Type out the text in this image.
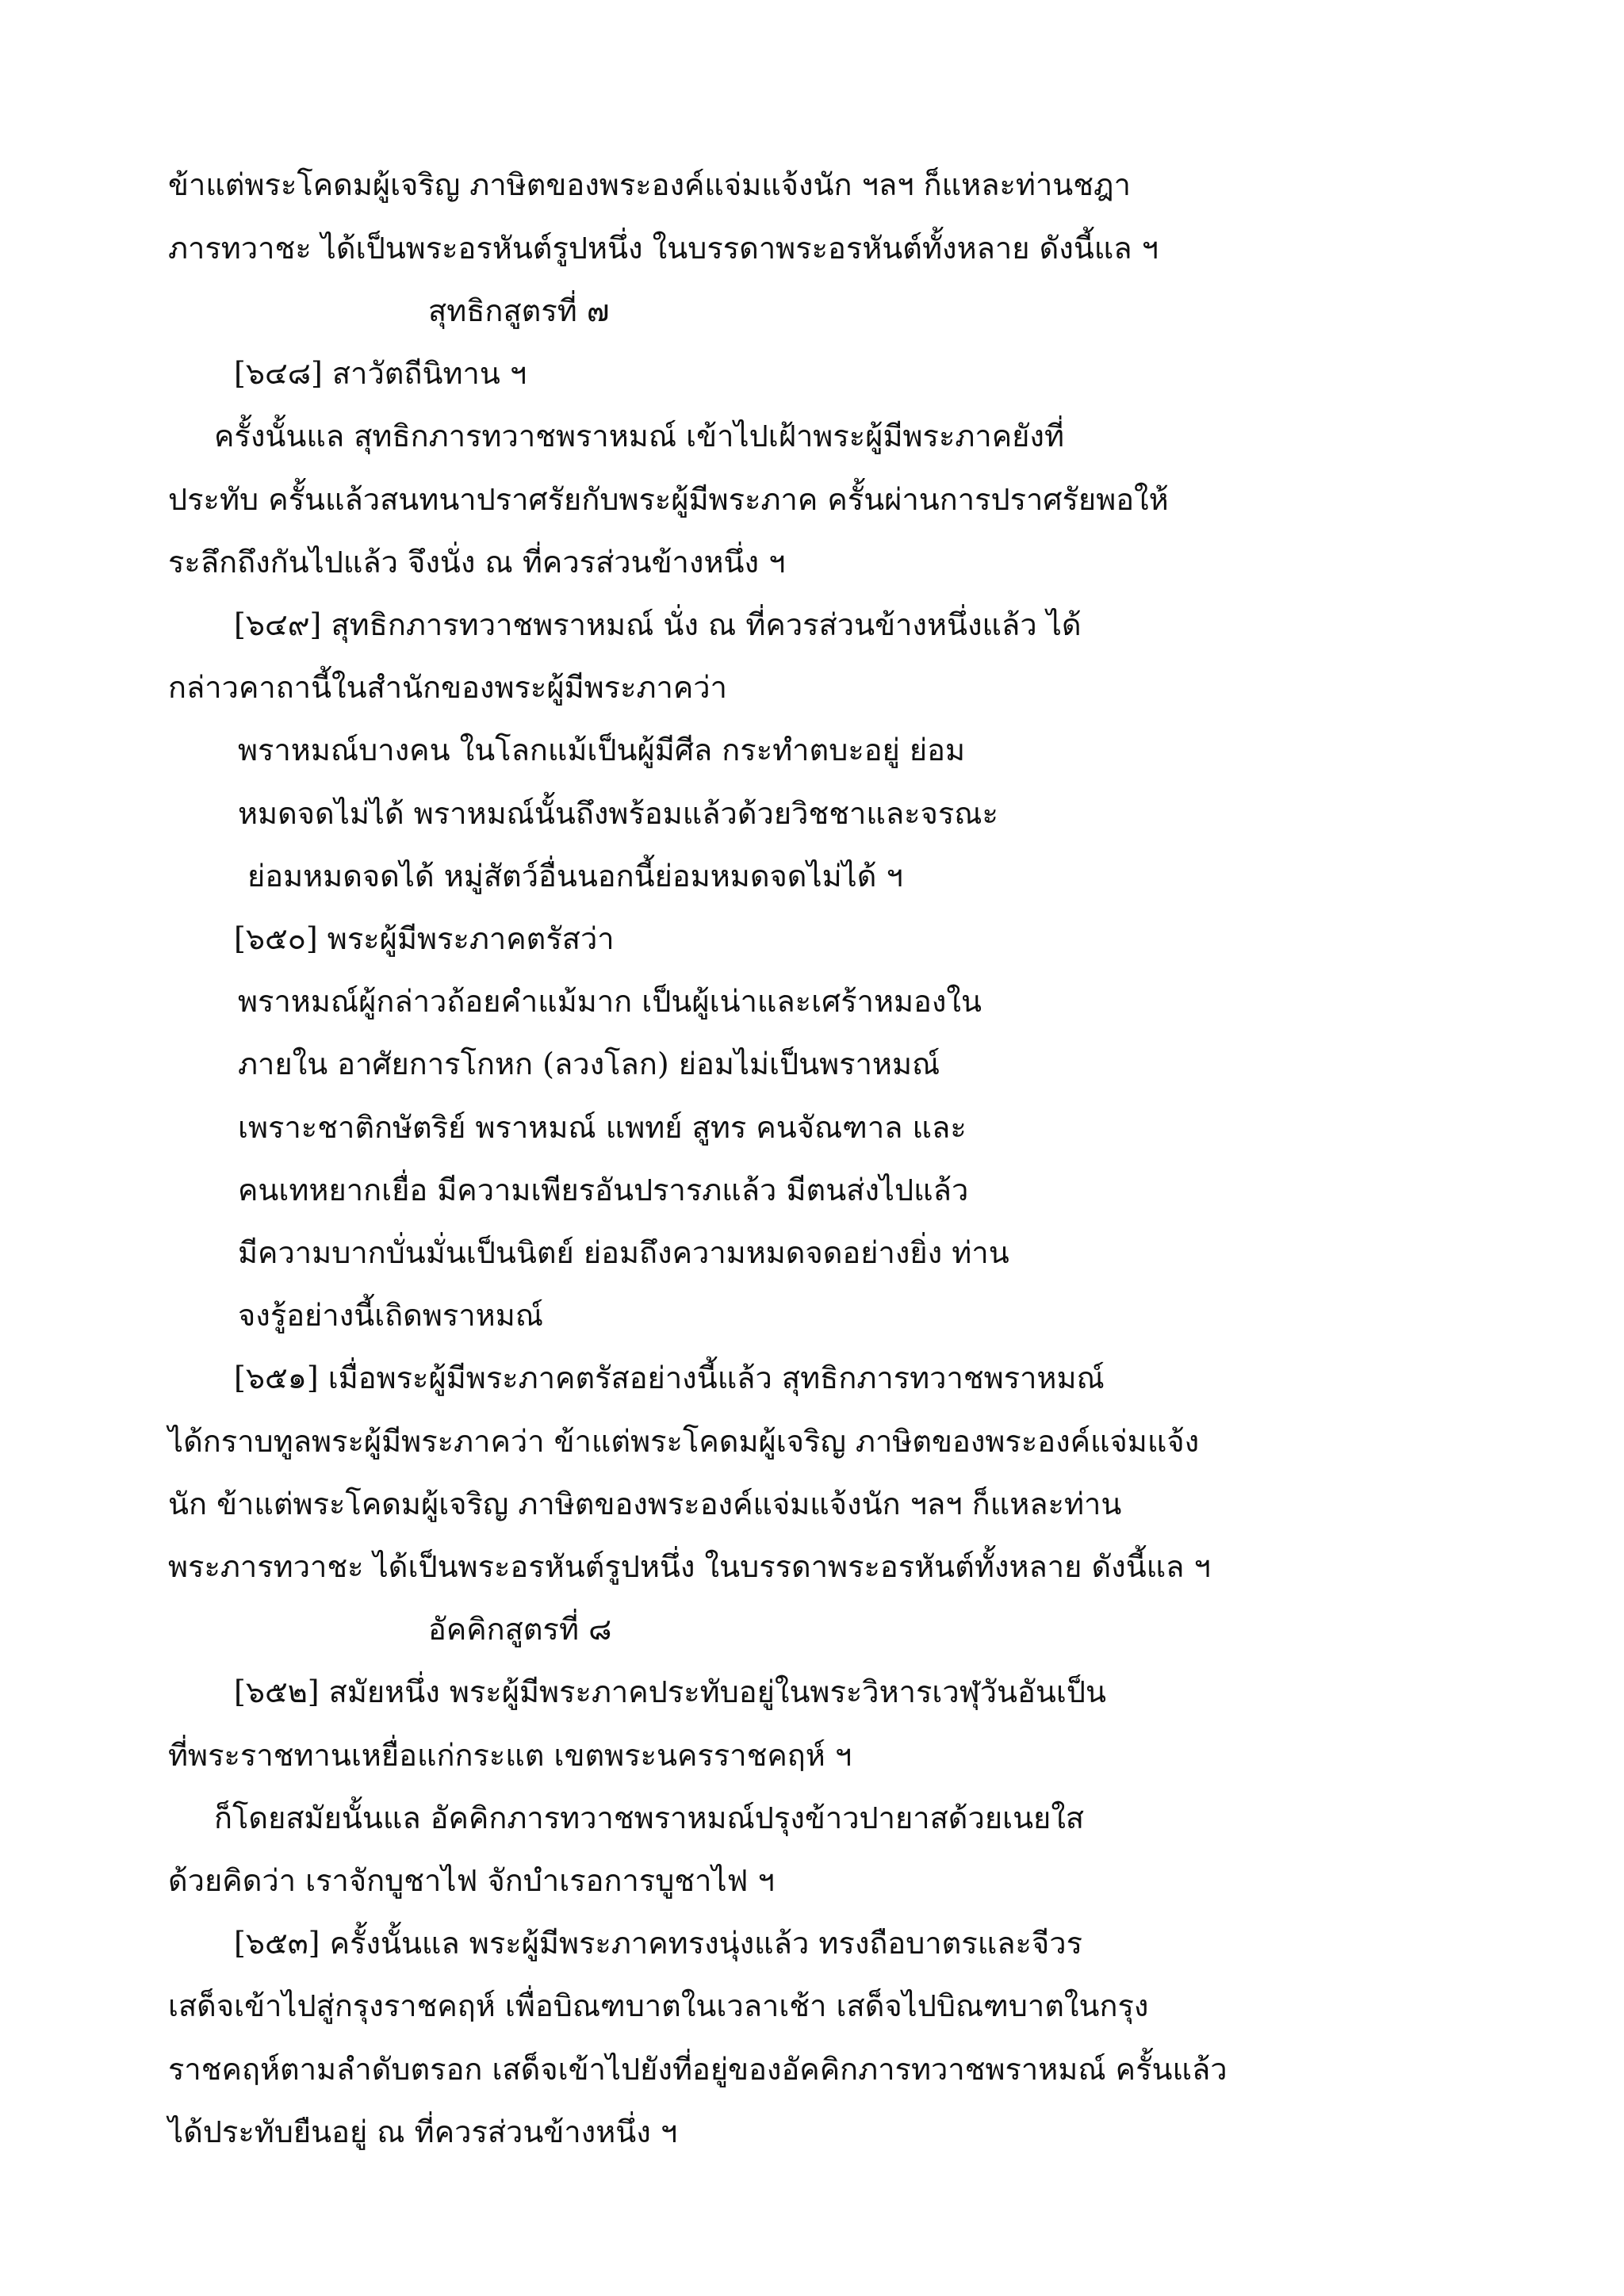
ข้าแต่พระโคดมผู้เจริญ ภาษิตของพระองค์แจ่มแจ้งนัก ฯลฯ ก็แหละท่านชฎา
ภารทวาชะ ได้เป็นพระอรหันต์รูปหนึ่ง ในบรรดาพระอรหันต์ทั้งหลาย ดังนี้แล ฯ
สุทธิกสูตรที่ ๗
[๖๔๘] สาวัตถีนิทาน ฯ
ครั้งนั้นแล สุทธิกภารทวาชพราหมณ์ เข้าไปเฝ้าพระผู้มีพระภาคยังที่
ประทับ ครั้นแล้วสนทนาปราศรัยกับพระผู้มีพระภาค ครั้นผ่านการปราศรัยพอให้
ระลึกถึงกันไปแล้ว จึงนั่ง ณ ที่ควรส่วนข้างหนึ่ง ฯ
[๖๔๙] สุทธิกภารทวาชพราหมณ์ นั่ง ณ ที่ควรส่วนข้างหนึ่งแล้ว ได้
กล่าวคาถานี้ในสำนักของพระผู้มีพระภาคว่า
พราหมณ์บางคน ในโลกแม้เป็นผู้มีศีล กระทำตบะอยู่ ย่อม
หมดจดไม่ได้ พราหมณ์นั้นถึงพร้อมแล้วด้วยวิชชาและจรณะ
ย่อมหมดจดได้ หมู่สัตว์อื่นนอกนี้ย่อมหมดจดไม่ได้ ฯ
[๖๕๐] พระผู้มีพระภาคตรัสว่า
พราหมณ์ผู้กล่าวถ้อยคำแม้มาก เป็นผู้เน่าและเศร้าหมองใน
ภายใน อาศัยการโกหก (ลวงโลก) ย่อมไม่เป็นพราหมณ์
เพราะชาติกษัตริย์ พราหมณ์ แพทย์ สูทร คนจัณฑาล และ
คนเทหยากเยื่อ มีความเพียรอันปรารภแล้ว มีตนส่งไปแล้ว
มีความบากบั่นมั่นเป็นนิตย์ ย่อมถึงความหมดจดอย่างยิ่ง ท่าน
จงรู้อย่างนี้เถิดพราหมณ์
[๖๕๑] เมื่อพระผู้มีพระภาคตรัสอย่างนี้แล้ว สุทธิกภารทวาชพราหมณ์
ได้กราบทูลพระผู้มีพระภาคว่า ข้าแต่พระโคดมผู้เจริญ ภาษิตของพระองค์แจ่มแจ้ง
นัก ข้าแต่พระโคดมผู้เจริญ ภาษิตของพระองค์แจ่มแจ้งนัก ฯลฯ ก็แหละท่าน
พระภารทวาชะ ได้เป็นพระอรหันต์รูปหนึ่ง ในบรรดาพระอรหันต์ทั้งหลาย ดังนี้แล ฯ
อัคคิกสูตรที่ ๘
[๖๕๒] สมัยหนึ่ง พระผู้มีพระภาคประทับอยู่ในพระวิหารเวฬุวันอันเป็น
ที่พระราชทานเหยื่อแก่กระแต เขตพระนครราชคฤห์ ฯ
ก็โดยสมัยนั้นแล อัคคิกภารทวาชพราหมณ์ปรุงข้าวปายาสด้วยเนยใส
ด้วยคิดว่า เราจักบูชาไฟ จักบำเรอการบูชาไฟ ฯ
[๖๕๓] ครั้งนั้นแล พระผู้มีพระภาคทรงนุ่งแล้ว ทรงถือบาตรและจีวร
เสด็จเข้าไปสู่กรุงราชคฤห์ เพื่อบิณฑบาตในเวลาเช้า เสด็จไปบิณฑบาตในกรุง
ราชคฤห์ตามลำดับตรอก เสด็จเข้าไปยังที่อยู่ของอัคคิกภารทวาชพราหมณ์ ครั้นแล้ว
ได้ประทับยืนอยู่ ณ ที่ควรส่วนข้างหนึ่ง ฯ
